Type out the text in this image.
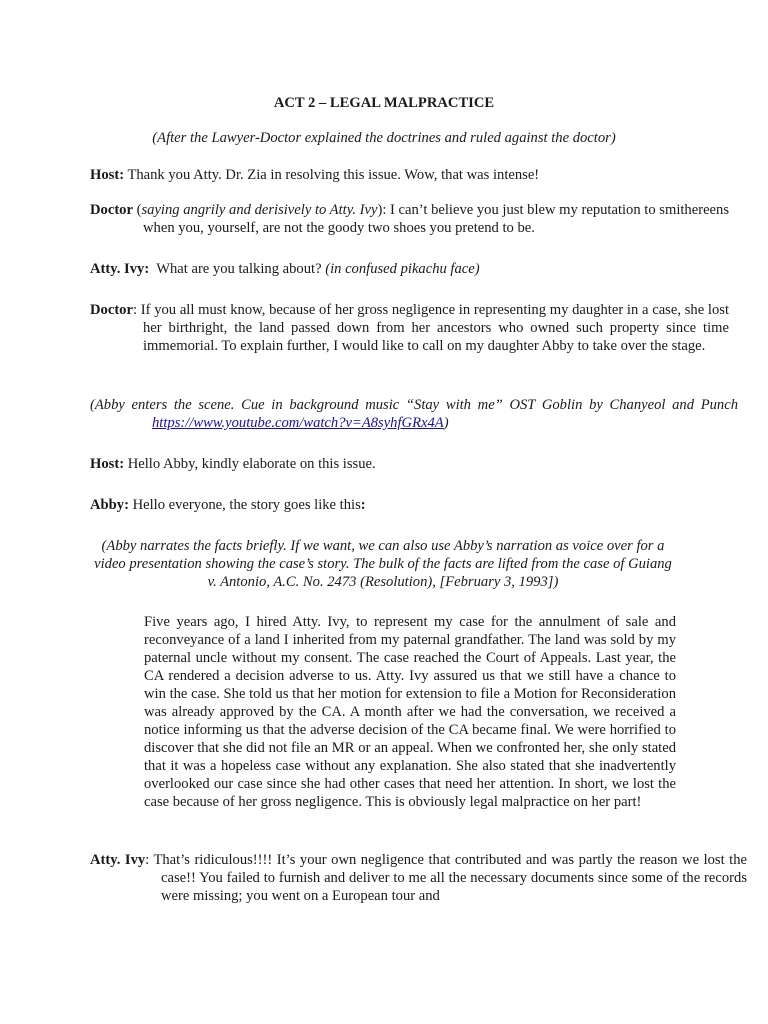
ACT 2 – LEGAL MALPRACTICE
(After the Lawyer-Doctor explained the doctrines and ruled against the doctor)
Host: Thank you Atty. Dr. Zia in resolving this issue. Wow, that was intense!
Doctor (saying angrily and derisively to Atty. Ivy): I can’t believe you just blew my reputation to smithereens when you, yourself, are not the goody two shoes you pretend to be.
Atty. Ivy:  What are you talking about? (in confused pikachu face)
Doctor: If you all must know, because of her gross negligence in representing my daughter in a case, she lost her birthright, the land passed down from her ancestors who owned such property since time immemorial. To explain further, I would like to call on my daughter Abby to take over the stage.
(Abby enters the scene. Cue in background music “Stay with me” OST Goblin by Chanyeol and Punch https://www.youtube.com/watch?v=A8syhfGRx4A)
Host: Hello Abby, kindly elaborate on this issue.
Abby: Hello everyone, the story goes like this:
(Abby narrates the facts briefly. If we want, we can also use Abby’s narration as voice over for a video presentation showing the case’s story. The bulk of the facts are lifted from the case of Guiang v. Antonio, A.C. No. 2473 (Resolution), [February 3, 1993])
Five years ago, I hired Atty. Ivy, to represent my case for the annulment of sale and reconveyance of a land I inherited from my paternal grandfather. The land was sold by my paternal uncle without my consent. The case reached the Court of Appeals. Last year, the CA rendered a decision adverse to us. Atty. Ivy assured us that we still have a chance to win the case. She told us that her motion for extension to file a Motion for Reconsideration was already approved by the CA. A month after we had the conversation, we received a notice informing us that the adverse decision of the CA became final. We were horrified to discover that she did not file an MR or an appeal. When we confronted her, she only stated that it was a hopeless case without any explanation. She also stated that she inadvertently overlooked our case since she had other cases that need her attention. In short, we lost the case because of her gross negligence. This is obviously legal malpractice on her part!
Atty. Ivy: That’s ridiculous!!!! It’s your own negligence that contributed and was partly the reason we lost the case!! You failed to furnish and deliver to me all the necessary documents since some of the records were missing; you went on a European tour and
